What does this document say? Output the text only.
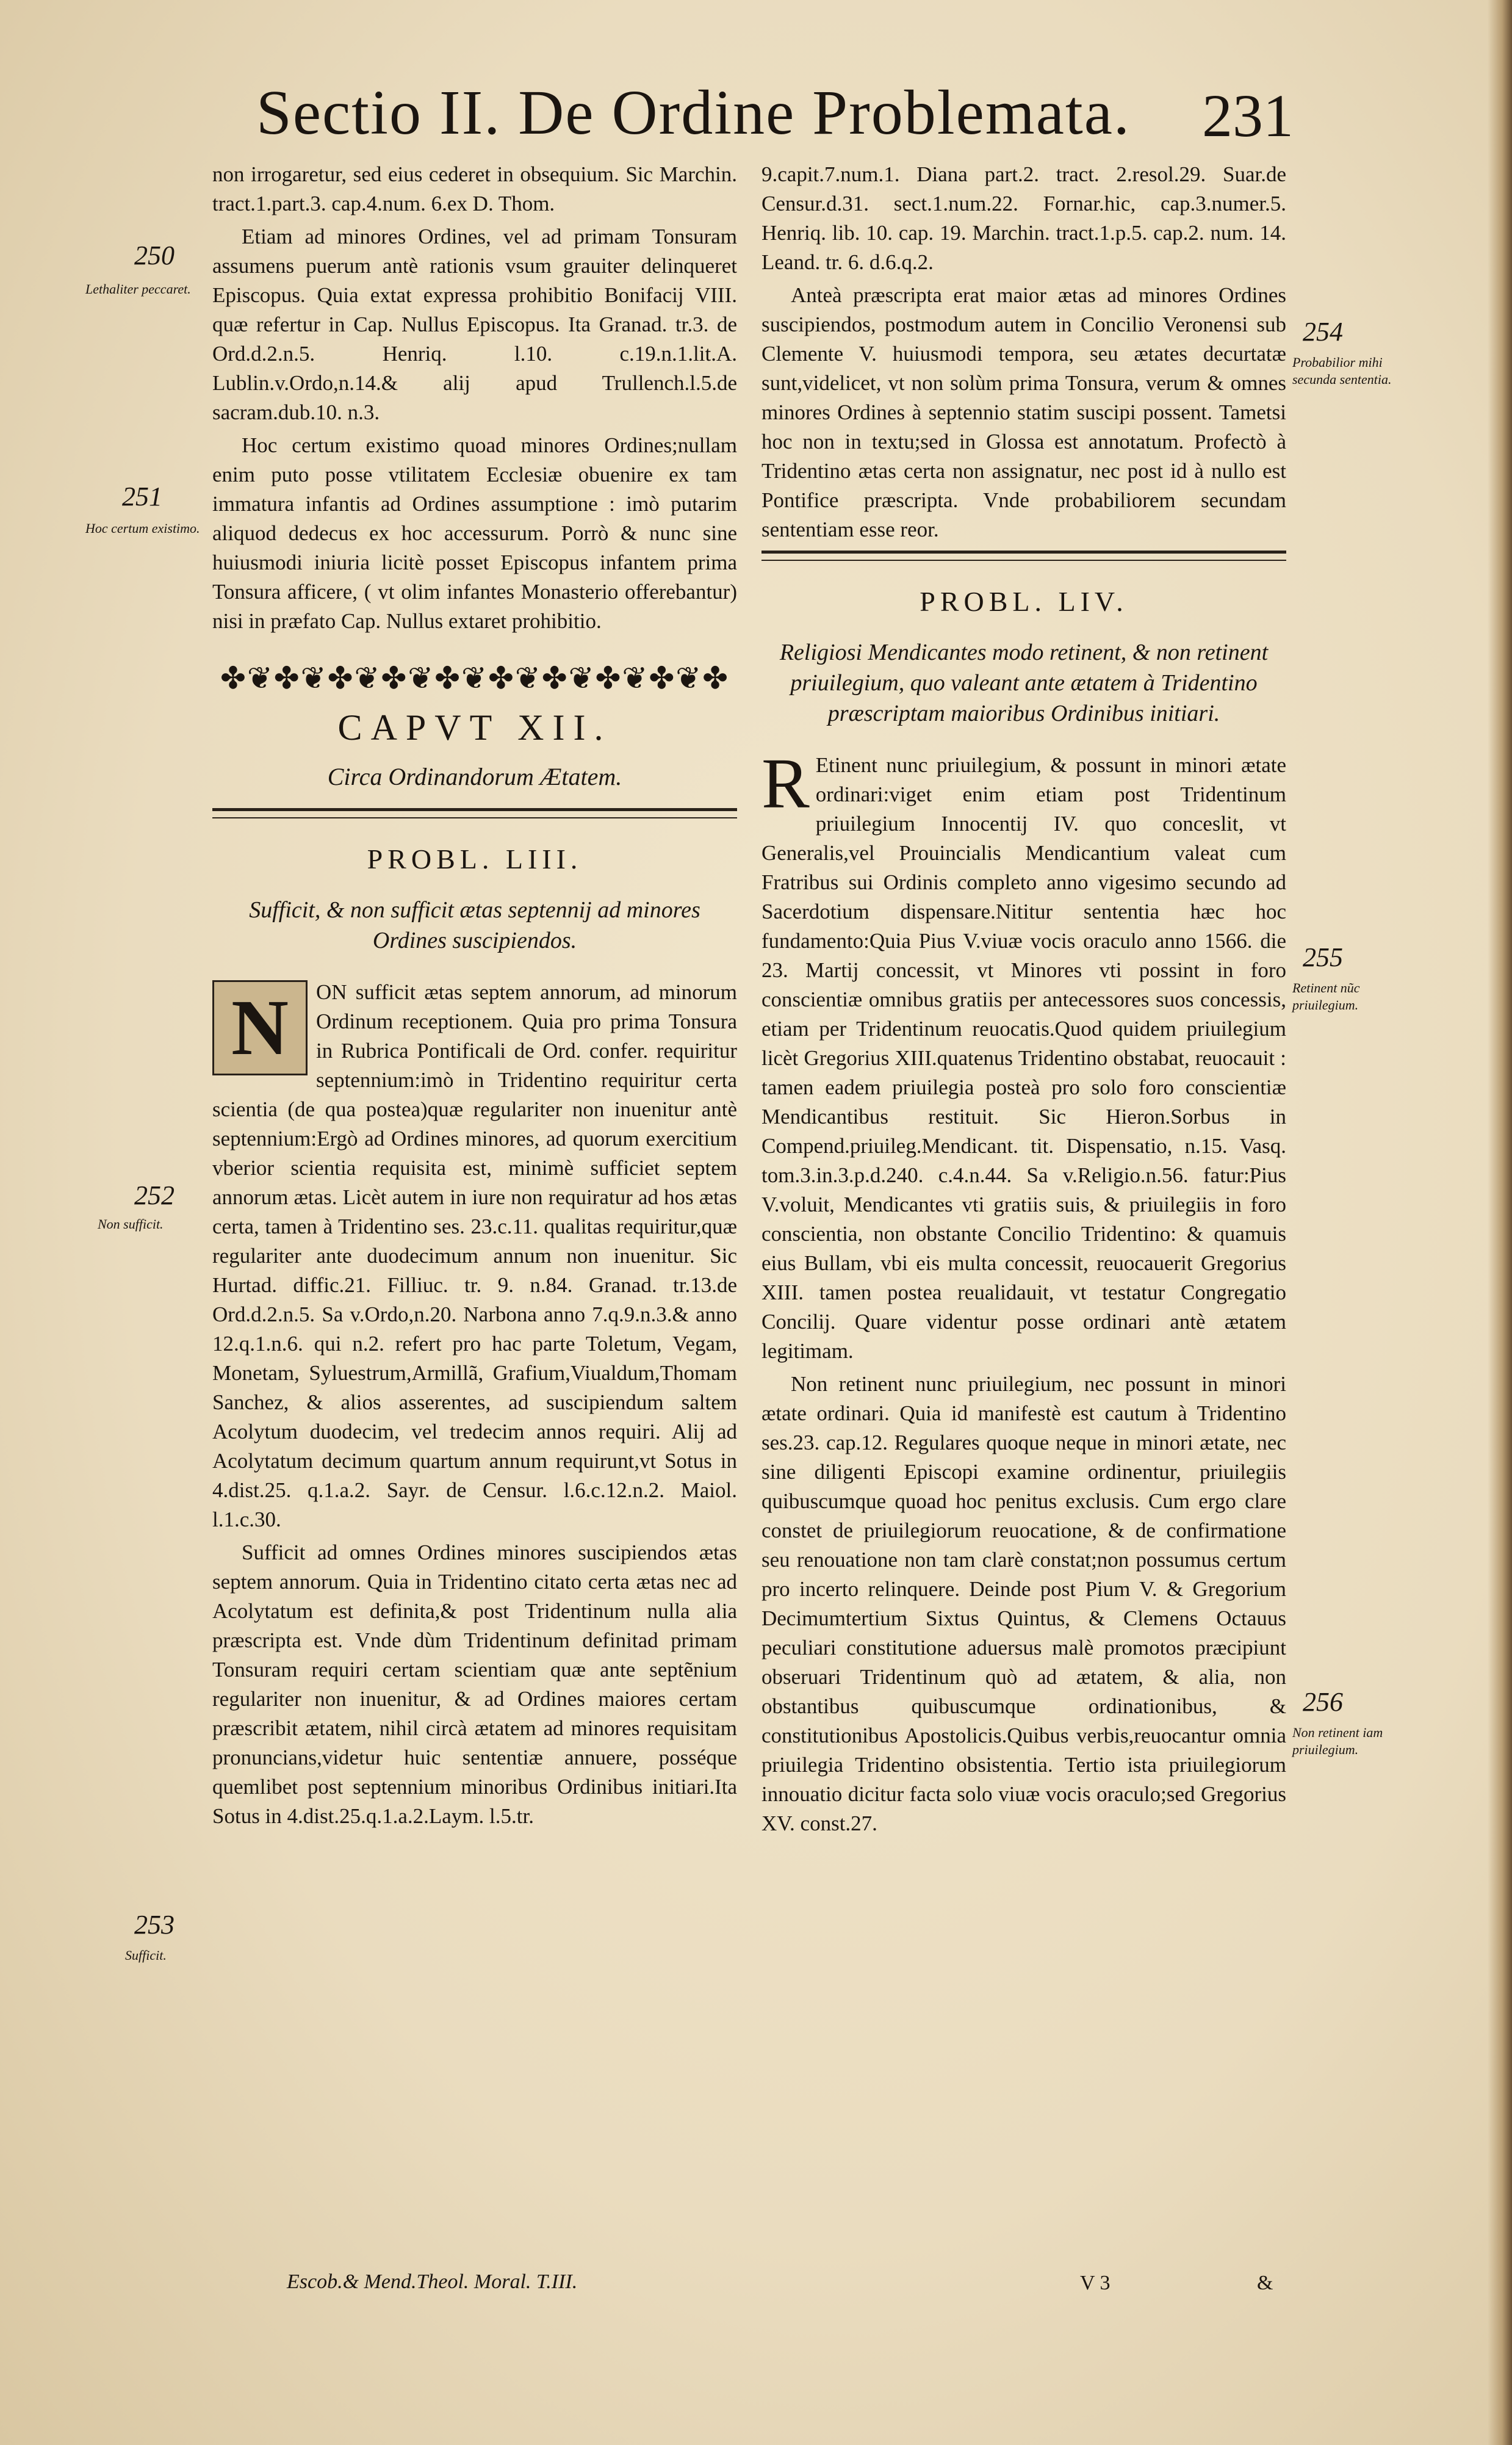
Sectio II. De Ordine Problemata.	231

non irrogaretur, sed eius cederet in obsequium. Sic Marchin. tract.1.part.3. cap.4.num. 6.ex D. Thom.

Etiam ad minores Ordines, vel ad primam Tonsuram assumens puerum antè rationis vsum grauiter delinqueret Episcopus. Quia extat expressa prohibitio Bonifacij VIII. quæ refertur in Cap. Nullus Episcopus. Ita Granad. tr.3. de Ord.d.2.n.5. Henriq. l.10. c.19.n.1.lit.A. Lublin.v.Ordo,n.14.& alij apud Trullench.l.5.de sacram.dub.10. n.3.

Hoc certum existimo quoad minores Ordines;nullam enim puto posse vtilitatem Ecclesiæ obuenire ex tam immatura infantis ad Ordines assumptione : imò putarim aliquod dedecus ex hoc accessurum. Porrò & nunc sine huiusmodi iniuria licitè posset Episcopus infantem prima Tonsura afficere, ( vt olim infantes Monasterio offerebantur) nisi in præfato Cap. Nullus extaret prohibitio.

✤❦✤❦✤❦✤❦✤❦✤❦✤❦✤❦✤❦✤
CAPVT XII.
Circa Ordinandorum Ætatem.
PROBL. LIII.
Sufficit, & non sufficit ætas septennij ad minores Ordines suscipiendos.

N	ON sufficit ætas septem annorum, ad minorum Ordinum receptionem. Quia pro prima Tonsura in Rubrica Pontificali de Ord. confer. requiritur septennium:imò in Tridentino requiritur certa scientia (de qua postea)quæ regulariter non inuenitur antè septennium:Ergò ad Ordines minores, ad quorum exercitium vberior scientia requisita est, minimè sufficiet septem annorum ætas. Licèt autem in iure non requiratur ad hos ætas certa, tamen à Tridentino ses. 23.c.11. qualitas requiritur,quæ regulariter ante duodecimum annum non inuenitur. Sic Hurtad. diffic.21. Filliuc. tr. 9. n.84. Granad. tr.13.de Ord.d.2.n.5. Sa v.Ordo,n.20. Narbona anno 7.q.9.n.3.& anno 12.q.1.n.6. qui n.2. refert pro hac parte Toletum, Vegam, Monetam, Syluestrum,Armillã, Grafium,Viualdum,Thomam Sanchez, & alios asserentes, ad suscipiendum saltem Acolytum duodecim, vel tredecim annos requiri. Alij ad Acolytatum decimum quartum annum requirunt,vt Sotus in 4.dist.25. q.1.a.2. Sayr. de Censur. l.6.c.12.n.2. Maiol. l.1.c.30.

Sufficit ad omnes Ordines minores suscipiendos ætas septem annorum. Quia in Tridentino citato certa ætas nec ad Acolytatum est definita,& post Tridentinum nulla alia præscripta est. Vnde dùm Tridentinum definitad primam Tonsuram requiri certam scientiam quæ ante septẽnium regulariter non inuenitur, & ad Ordines maiores certam præscribit ætatem, nihil circà ætatem ad minores requisitam pronuncians,videtur huic sententiæ annuere, posséque quemlibet post septennium minoribus Ordinibus initiari.Ita Sotus in 4.dist.25.q.1.a.2.Laym. l.5.tr.

9.capit.7.num.1. Diana part.2. tract. 2.resol.29. Suar.de Censur.d.31. sect.1.num.22. Fornar.hic, cap.3.numer.5. Henriq. lib. 10. cap. 19. Marchin. tract.1.p.5. cap.2. num. 14. Leand. tr. 6. d.6.q.2.

Anteà præscripta erat maior ætas ad minores Ordines suscipiendos, postmodum autem in Concilio Veronensi sub Clemente V. huiusmodi tempora, seu ætates decurtatæ sunt,videlicet, vt non solùm prima Tonsura, verum & omnes minores Ordines à septennio statim suscipi possent. Tametsi hoc non in textu;sed in Glossa est annotatum. Profectò à Tridentino ætas certa non assignatur, nec post id à nullo est Pontifice præscripta. Vnde probabiliorem secundam sententiam esse reor.

PROBL. LIV.
Religiosi Mendicantes modo retinent, & non retinent priuilegium, quo valeant ante ætatem à Tridentino præscriptam maioribus Ordinibus initiari.

R Etinent nunc priuilegium, & possunt in minori ætate ordinari:viget enim etiam post Tridentinum priuilegium Innocentij IV. quo conceslit, vt Generalis,vel Prouincialis Mendicantium valeat cum Fratribus sui Ordinis completo anno vigesimo secundo ad Sacerdotium dispensare.Nititur sententia hæc hoc fundamento:Quia Pius V.viuæ vocis oraculo anno 1566. die 23. Martij concessit, vt Minores vti possint in foro conscientiæ omnibus gratiis per antecessores suos concessis, etiam per Tridentinum reuocatis.Quod quidem priuilegium licèt Gregorius XIII.quatenus Tridentino obstabat, reuocauit : tamen eadem priuilegia posteà pro solo foro conscientiæ Mendicantibus restituit. Sic Hieron.Sorbus in Compend.priuileg.Mendicant. tit. Dispensatio, n.15. Vasq. tom.3.in.3.p.d.240. c.4.n.44. Sa v.Religio.n.56. fatur:Pius V.voluit, Mendicantes vti gratiis suis, & priuilegiis in foro conscientia, non obstante Concilio Tridentino: & quamuis eius Bullam, vbi eis multa concessit, reuocauerit Gregorius XIII. tamen postea reualidauit, vt testatur Congregatio Concilij. Quare videntur posse ordinari antè ætatem legitimam.

Non retinent nunc priuilegium, nec possunt in minori ætate ordinari. Quia id manifestè est cautum à Tridentino ses.23. cap.12. Regulares quoque neque in minori ætate, nec sine diligenti Episcopi examine ordinentur, priuilegiis quibuscumque quoad hoc penitus exclusis. Cum ergo clare constet de priuilegiorum reuocatione, & de confirmatione seu renouatione non tam clarè constat;non possumus certum pro incerto relinquere. Deinde post Pium V. & Gregorium Decimumtertium Sixtus Quintus, & Clemens Octauus peculiari constitutione aduersus malè promotos præcipiunt obseruari Tridentinum quò ad ætatem, & alia, non obstantibus quibuscumque ordinationibus, & constitutionibus Apostolicis.Quibus verbis,reuocantur omnia priuilegia Tridentino obsistentia. Tertio ista priuilegiorum innouatio dicitur facta solo viuæ vocis oraculo;sed Gregorius XV. const.27.

250
Lethaliter peccaret.
251
Hoc certum existimo.
252
Non sufficit.
253
Sufficit.
254
Probabilior mihi secunda sententia.
255
Retinent nũc priuilegium.
256
Non retinent iam priuilegium.
Escob.& Mend.Theol. Moral. T.III.	V 3	&
